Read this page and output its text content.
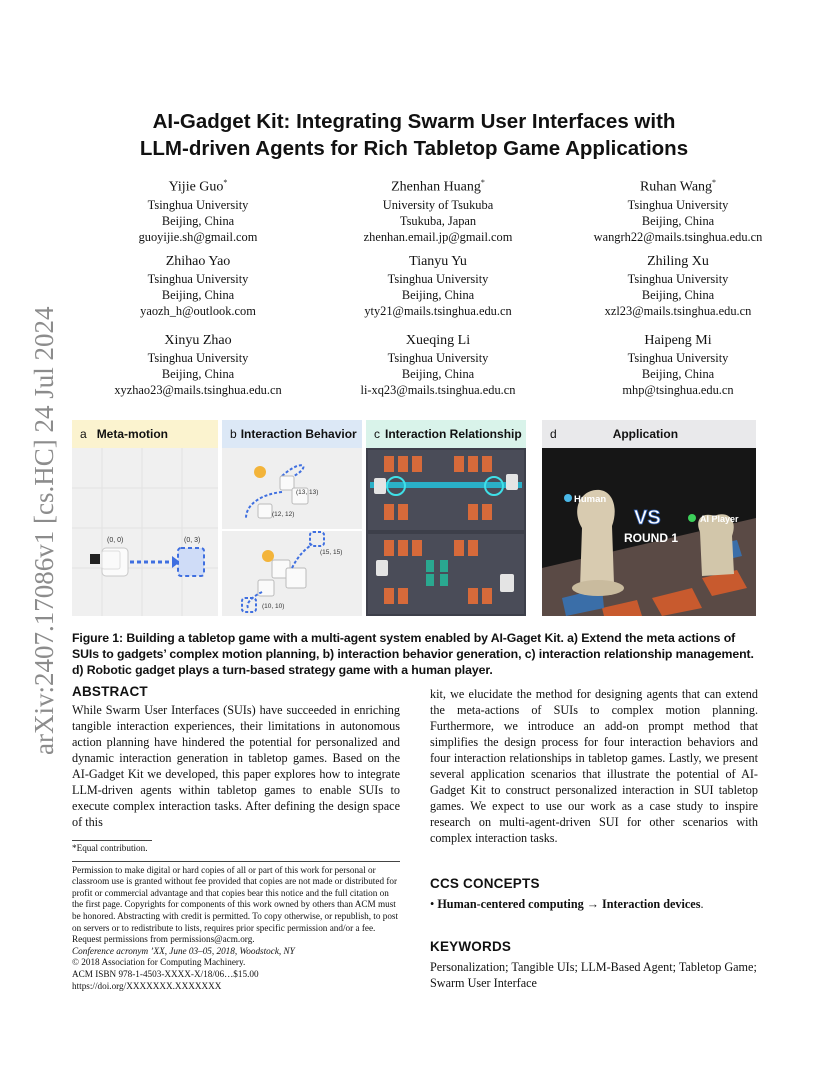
arXiv:2407.17086v1 [cs.HC] 24 Jul 2024
AI-Gadget Kit: Integrating Swarm User Interfaces with
LLM-driven Agents for Rich Tabletop Game Applications
Yijie Guo*
Tsinghua University
Beijing, China
guoyijie.sh@gmail.com
Zhenhan Huang*
University of Tsukuba
Tsukuba, Japan
zhenhan.email.jp@gmail.com
Ruhan Wang*
Tsinghua University
Beijing, China
wangrh22@mails.tsinghua.edu.cn
Zhihao Yao
Tsinghua University
Beijing, China
yaozh_h@outlook.com
Tianyu Yu
Tsinghua University
Beijing, China
yty21@mails.tsinghua.edu.cn
Zhiling Xu
Tsinghua University
Beijing, China
xzl23@mails.tsinghua.edu.cn
Xinyu Zhao
Tsinghua University
Beijing, China
xyzhao23@mails.tsinghua.edu.cn
Xueqing Li
Tsinghua University
Beijing, China
li-xq23@mails.tsinghua.edu.cn
Haipeng Mi
Tsinghua University
Beijing, China
mhp@tsinghua.edu.cn
a Meta-motion
(0, 0)	(0, 3)
b Interaction Behavior
(13, 13)
(12, 12)
(15, 15)
(10, 10)
c Interaction Relationship	d	Application
Human
VS
ROUND 1
AI Player
Figure 1: Building a tabletop game with a multi-agent system enabled by AI-Gaget Kit. a) Extend the meta actions of SUIs to gadgets’ complex motion planning, b) interaction behavior generation, c) interaction relationship management. d) Robotic gadget plays a turn-based strategy game with a human player.
ABSTRACT
While Swarm User Interfaces (SUIs) have succeeded in enriching tangible interaction experiences, their limitations in autonomous action planning have hindered the potential for personalized and dynamic interaction generation in tabletop games. Based on the AI-Gadget Kit we developed, this paper explores how to integrate LLM-driven agents within tabletop games to enable SUIs to execute complex interaction tasks. After defining the design space of this
*Equal contribution.
Permission to make digital or hard copies of all or part of this work for personal or classroom use is granted without fee provided that copies are not made or distributed for profit or commercial advantage and that copies bear this notice and the full citation on the first page. Copyrights for components of this work owned by others than ACM must be honored. Abstracting with credit is permitted. To copy otherwise, or republish, to post on servers or to redistribute to lists, requires prior specific permission and/or a fee. Request permissions from permissions@acm.org.
Conference acronym ’XX, June 03–05, 2018, Woodstock, NY
© 2018 Association for Computing Machinery.
ACM ISBN 978-1-4503-XXXX-X/18/06…$15.00
https://doi.org/XXXXXXX.XXXXXXX
kit, we elucidate the method for designing agents that can extend the meta-actions of SUIs to complex motion planning. Furthermore, we introduce an add-on prompt method that simplifies the design process for four interaction behaviors and four interaction relationships in tabletop games. Lastly, we present several application scenarios that illustrate the potential of AI-Gadget Kit to construct personalized interaction in SUI tabletop games. We expect to use our work as a case study to inspire research on multi-agent-driven SUI for other scenarios with complex interaction tasks.
CCS CONCEPTS
• Human-centered computing → Interaction devices.
KEYWORDS
Personalization; Tangible UIs; LLM-Based Agent; Tabletop Game; Swarm User Interface
